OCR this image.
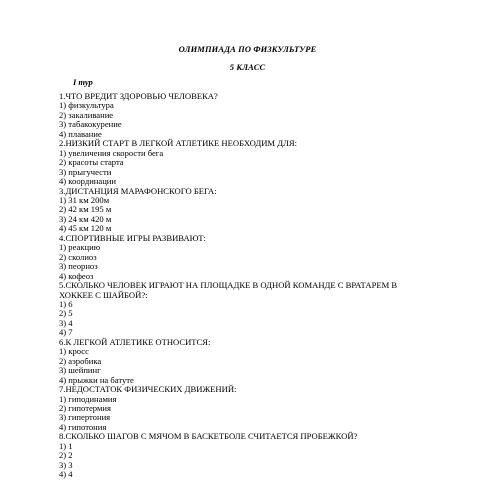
ОЛИМПИАДА ПО ФИЗКУЛЬТУРЕ
5 КЛАСС
I тур
1.ЧТО ВРЕДИТ ЗДОРОВЬЮ ЧЕЛОВЕКА?
1) физкультура
2) закаливание
3) табакокурение
4) плавание
2.НИЗКИЙ СТАРТ В ЛЕГКОЙ АТЛЕТИКЕ НЕОБХОДИМ ДЛЯ:
1) увеличения скорости бега
2) красоты старта
3) прыгучести
4) координации
3.ДИСТАНЦИЯ МАРАФОНСКОГО БЕГА:
1) 31 км 200м
2) 42 км 195 м
3) 24 км 420 м
4) 45 км 120 м
4.СПОРТИВНЫЕ ИГРЫ РАЗВИВАЮТ:
1) реакцию
2) сколиоз
3) пеорноз
4) кофеоз
5.СКОЛЬКО ЧЕЛОВЕК ИГРАЮТ НА ПЛОЩАДКЕ В ОДНОЙ КОМАНДЕ С ВРАТАРЕМ В ХОККЕЕ С ШАЙБОЙ?:
1) 6
2) 5
3) 4
4) 7
6.К ЛЕГКОЙ АТЛЕТИКЕ ОТНОСИТСЯ:
1) кросс
2) аэробика
3) шейпинг
4) прыжки на батуте
7.НЕДОСТАТОК ФИЗИЧЕСКИХ ДВИЖЕНИЙ:
1) гиподинамия
2) гипотермия
3) гипертония
4) гипотония
8.СКОЛЬКО ШАГОВ С МЯЧОМ В БАСКЕТБОЛЕ СЧИТАЕТСЯ ПРОБЕЖКОЙ?
1) 1
2) 2
3) 3
4) 4
